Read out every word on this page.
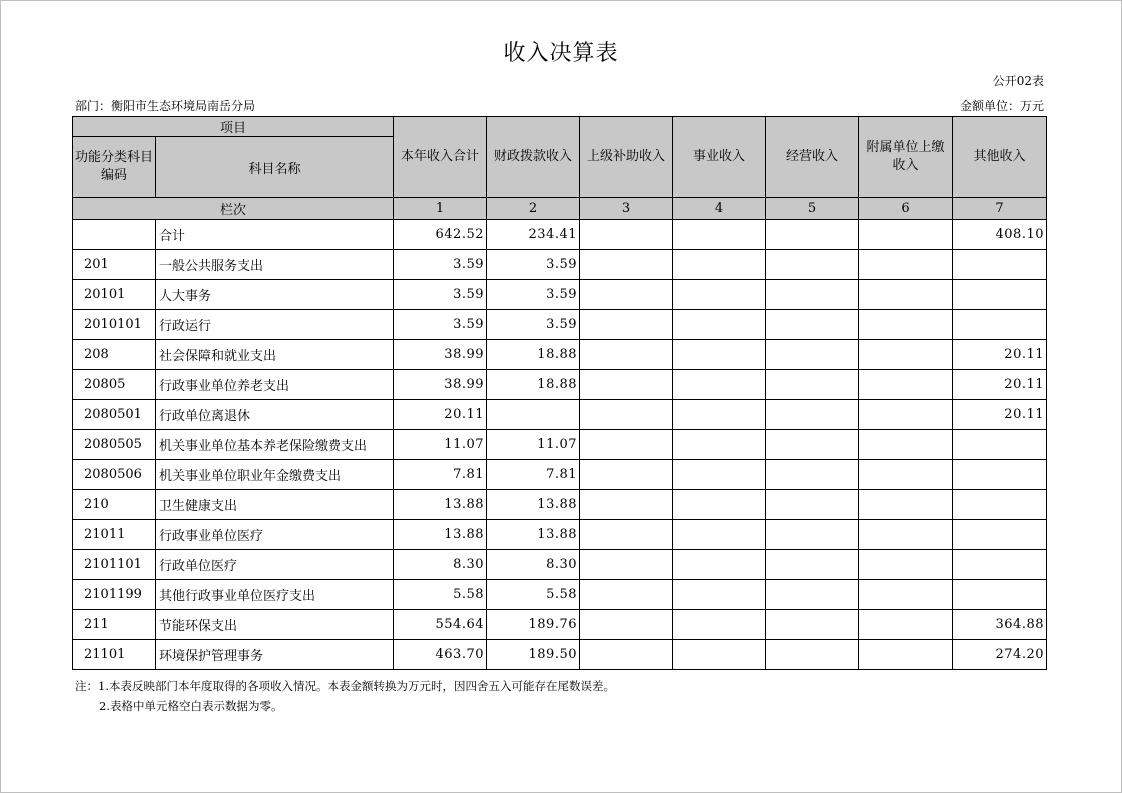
收入决算表
公开02表
部门：衡阳市生态环境局南岳分局	金额单位：万元
项目		本年收入合计	财政拨款收入	上级补助收入	事业收入	经营收入	附属单位上缴收入	其他收入
功能分类科目编码	科目名称							
栏次		1	2	3	4	5	6	7
	合计	642.52	234.41					408.10
201	一般公共服务支出	3.59	3.59					
20101	人大事务	3.59	3.59					
2010101	行政运行	3.59	3.59					
208	社会保障和就业支出	38.99	18.88					20.11
20805	行政事业单位养老支出	38.99	18.88					20.11
2080501	行政单位离退休	20.11						20.11
2080505	机关事业单位基本养老保险缴费支出	11.07	11.07					
2080506	机关事业单位职业年金缴费支出	7.81	7.81					
210	卫生健康支出	13.88	13.88					
21011	行政事业单位医疗	13.88	13.88					
2101101	行政单位医疗	8.30	8.30					
2101199	其他行政事业单位医疗支出	5.58	5.58					
211	节能环保支出	554.64	189.76					364.88
21101	环境保护管理事务	463.70	189.50					274.20
注：1.本表反映部门本年度取得的各项收入情况。本表金额转换为万元时，因四舍五入可能存在尾数误差。
2.表格中单元格空白表示数据为零。
